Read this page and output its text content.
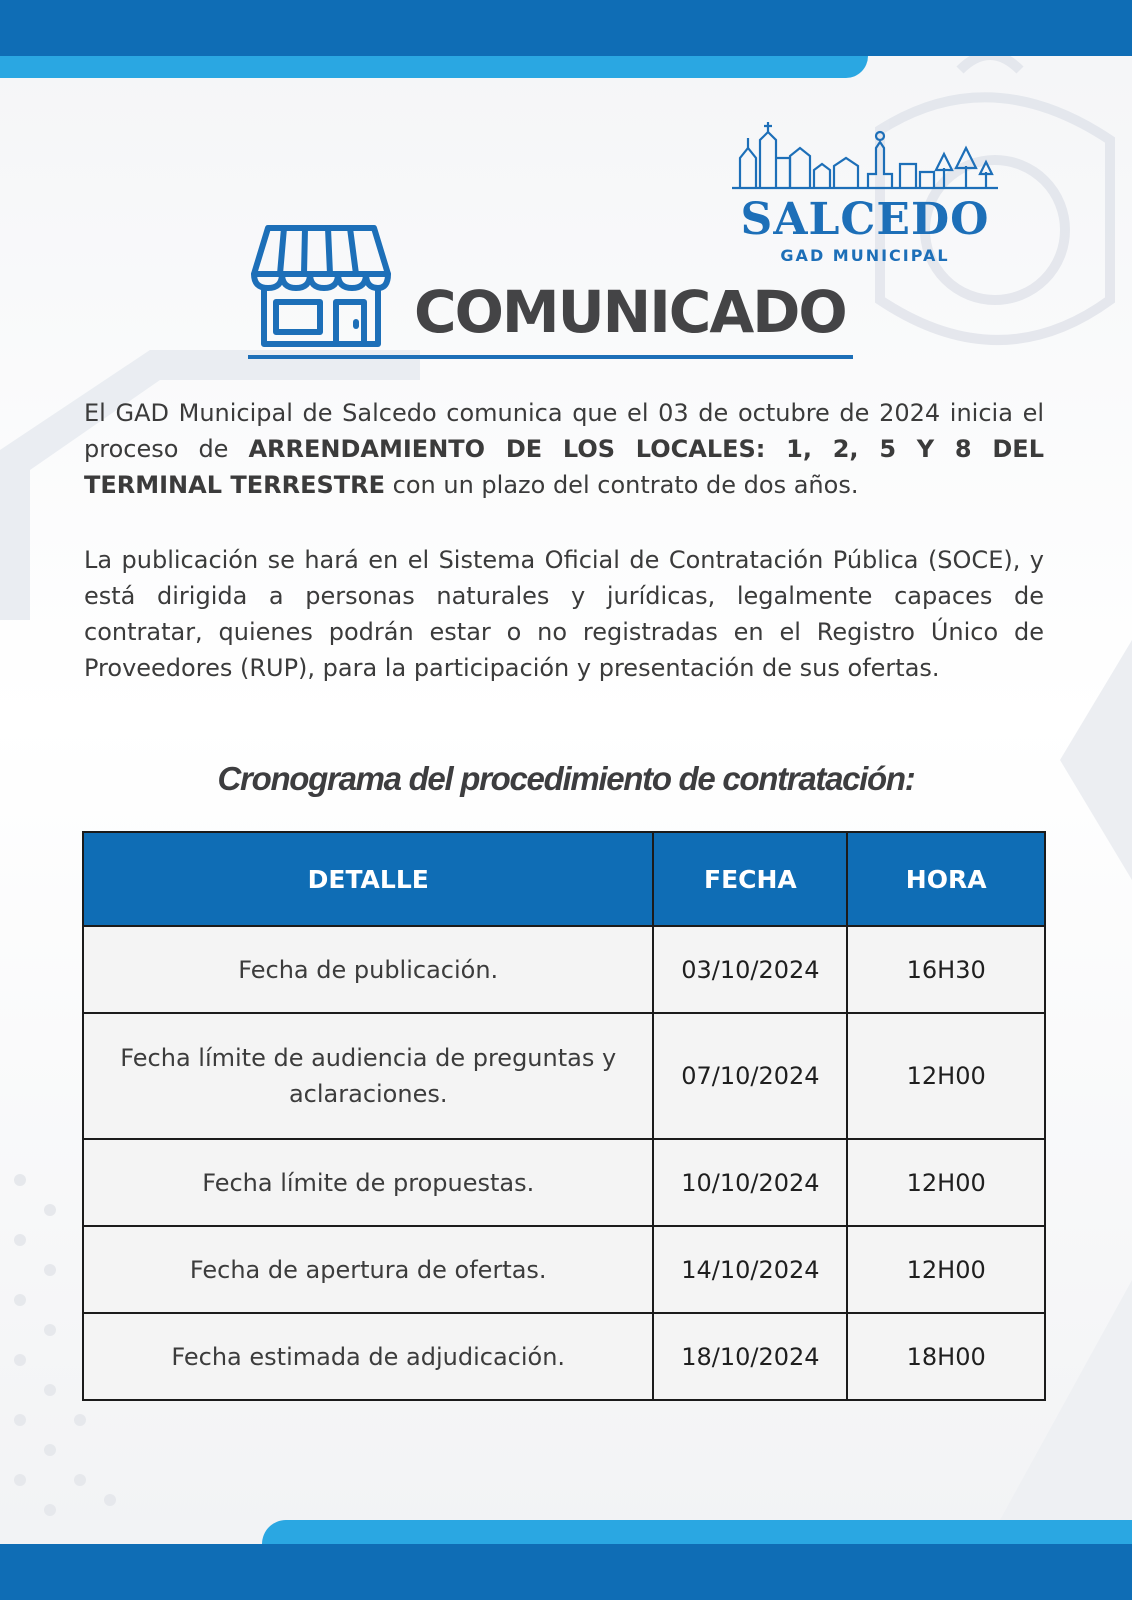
SALCEDO
GAD MUNICIPAL
COMUNICADO
El GAD Municipal de Salcedo comunica que el 03 de octubre de 2024 inicia el proceso de ARRENDAMIENTO DE LOS LOCALES: 1, 2, 5 Y 8 DEL TERMINAL TERRESTRE con un plazo del contrato de dos años.
La publicación se hará en el Sistema Oficial de Contratación Pública (SOCE), y está dirigida a personas naturales y jurídicas, legalmente capaces de contratar, quienes podrán estar o no registradas en el Registro Único de Proveedores (RUP), para la participación y presentación de sus ofertas.
Cronograma del procedimiento de contratación:
DETALLE	FECHA	HORA
Fecha de publicación.	03/10/2024	16H30
Fecha límite de audiencia de preguntas y aclaraciones.	07/10/2024	12H00
Fecha límite de propuestas.	10/10/2024	12H00
Fecha de apertura de ofertas.	14/10/2024	12H00
Fecha estimada de adjudicación.	18/10/2024	18H00
